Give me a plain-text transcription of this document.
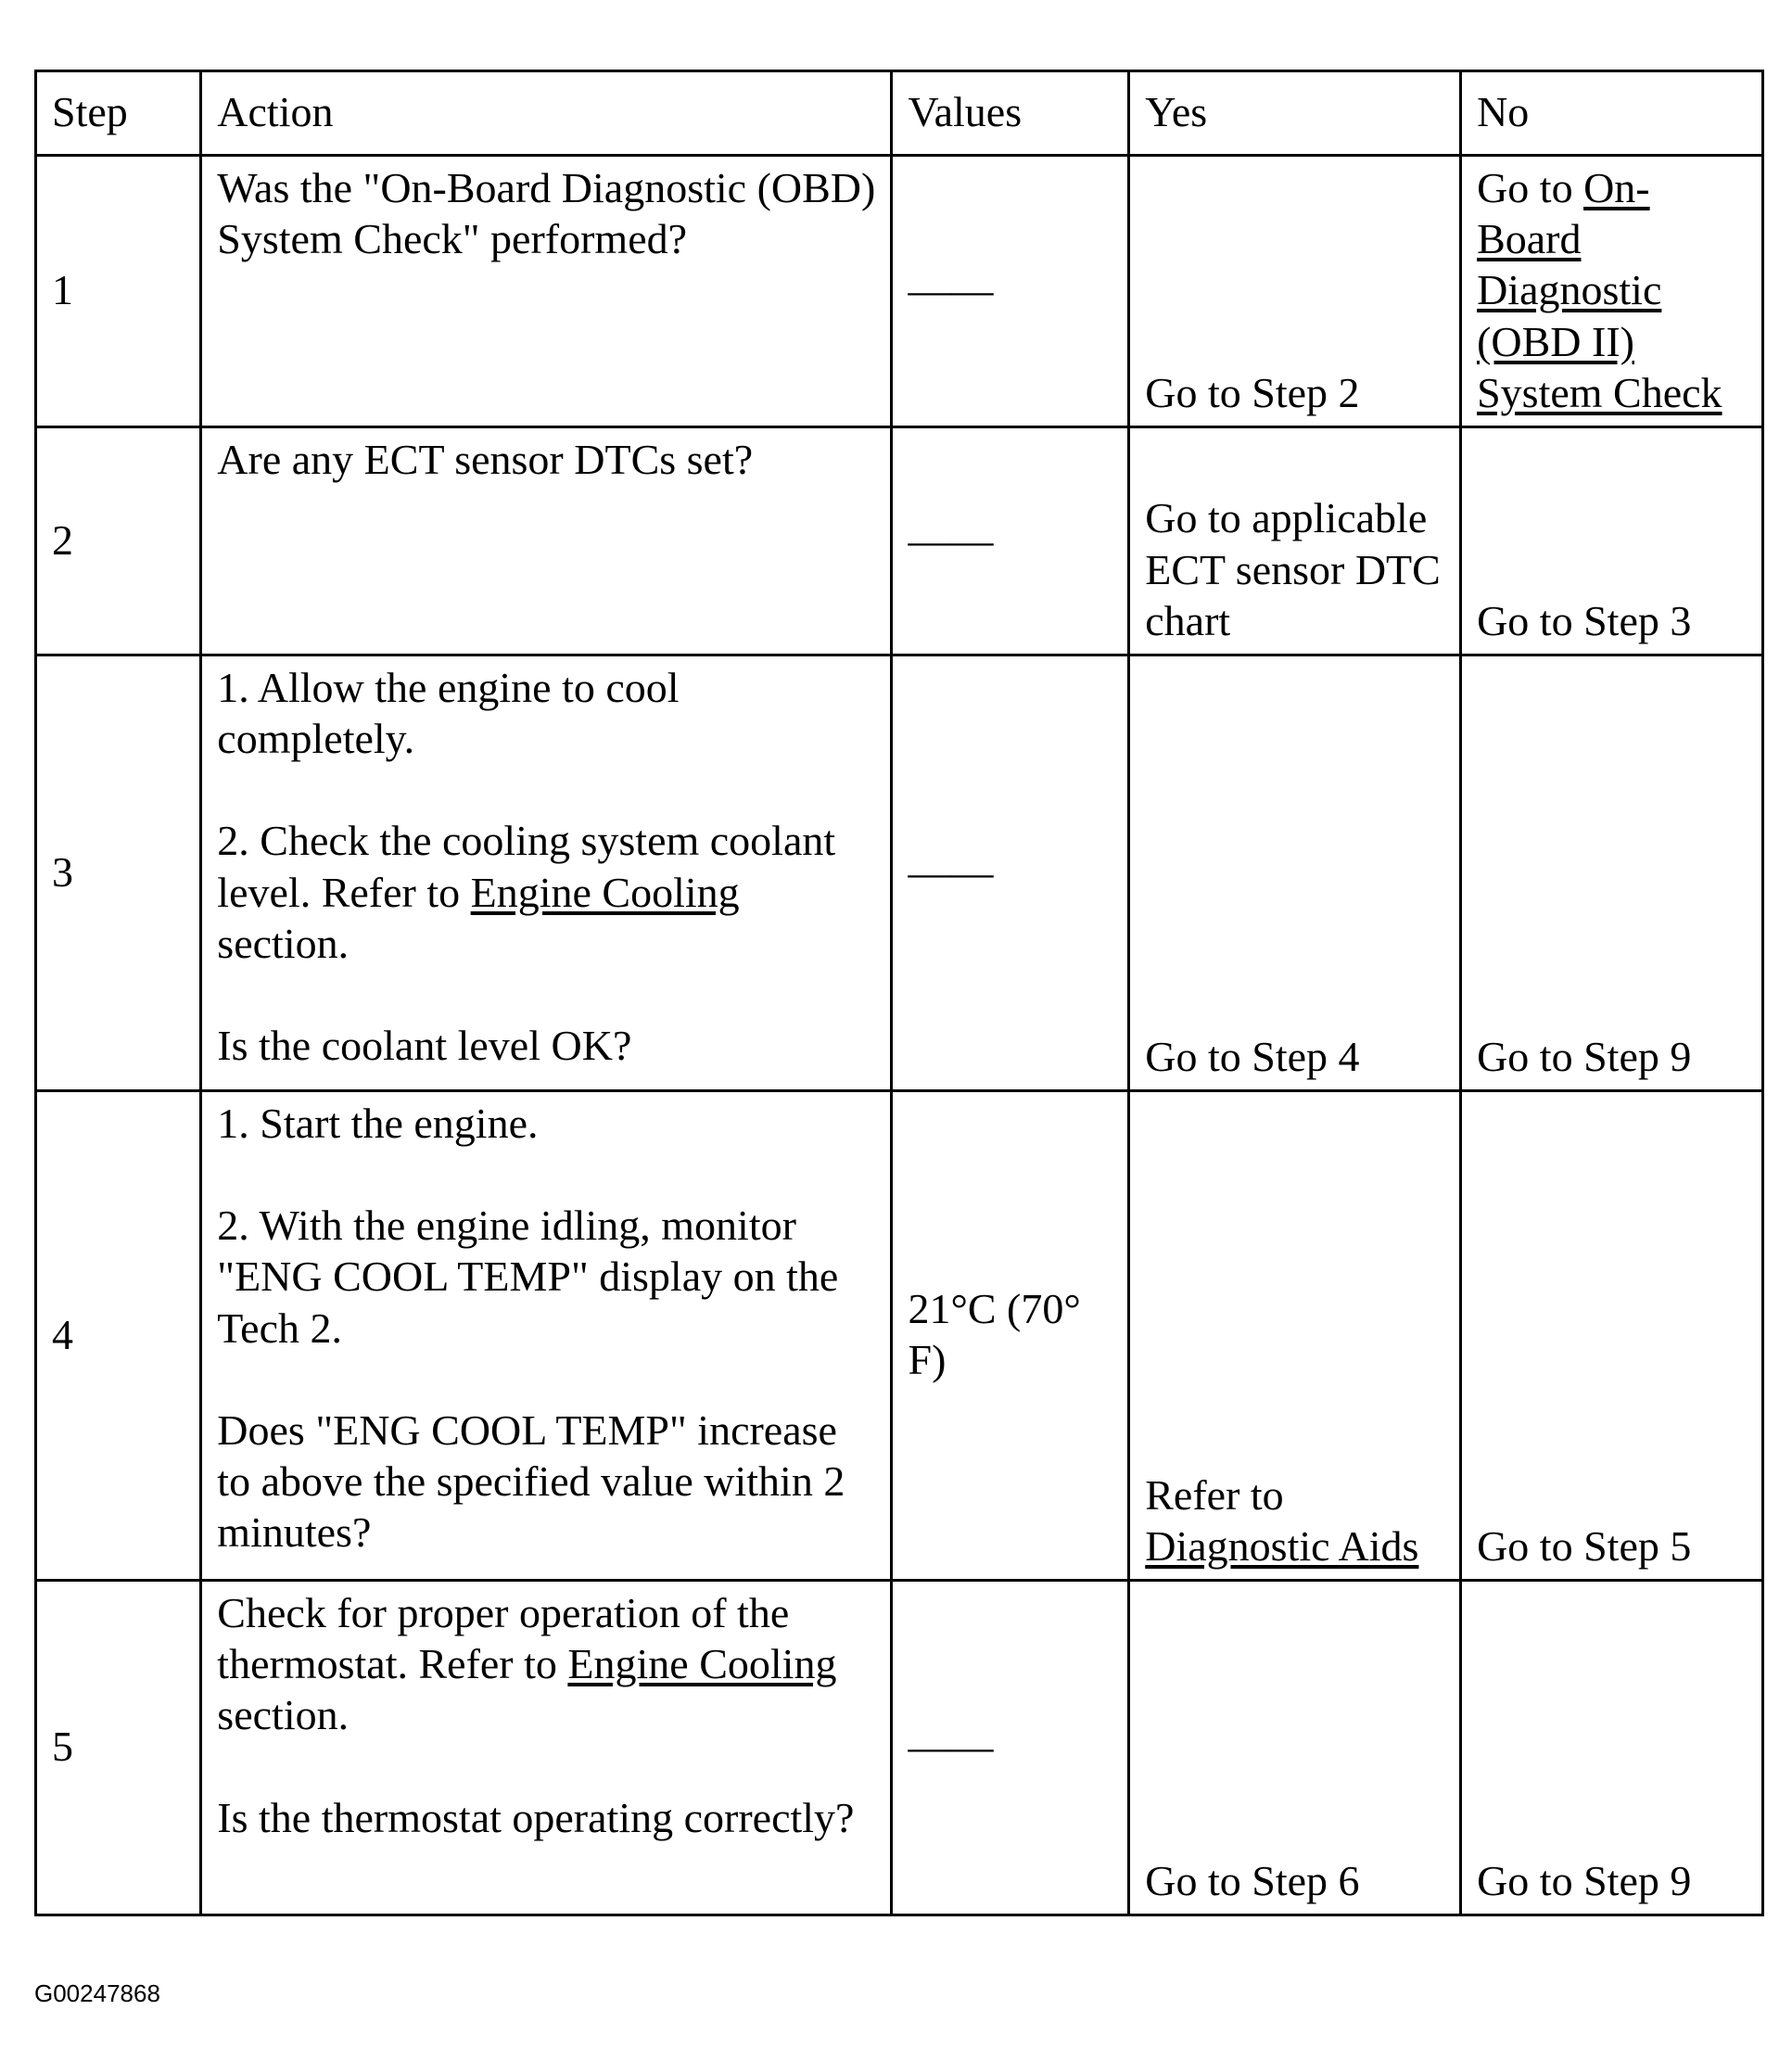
Step	Action	Values	Yes	No
1	Was the "On-Board Diagnostic (OBD) System Check" performed?	——	Go to Step 2	Go to On-Board Diagnostic (OBD II) System Check
2	Are any ECT sensor DTCs set?	——	Go to applicable ECT sensor DTC chart	Go to Step 3
3	1. Allow the engine to cool completely.

2. Check the cooling system coolant level. Refer to Engine Cooling section.

Is the coolant level OK?	——	Go to Step 4	Go to Step 9
4	1. Start the engine.

2. With the engine idling, monitor "ENG COOL TEMP" display on the Tech 2.

Does "ENG COOL TEMP" increase to above the specified value within 2 minutes?	21°C (70° F)	Refer to Diagnostic Aids	Go to Step 5
5	Check for proper operation of the thermostat. Refer to Engine Cooling section.

Is the thermostat operating correctly?	——	Go to Step 6	Go to Step 9
G00247868
